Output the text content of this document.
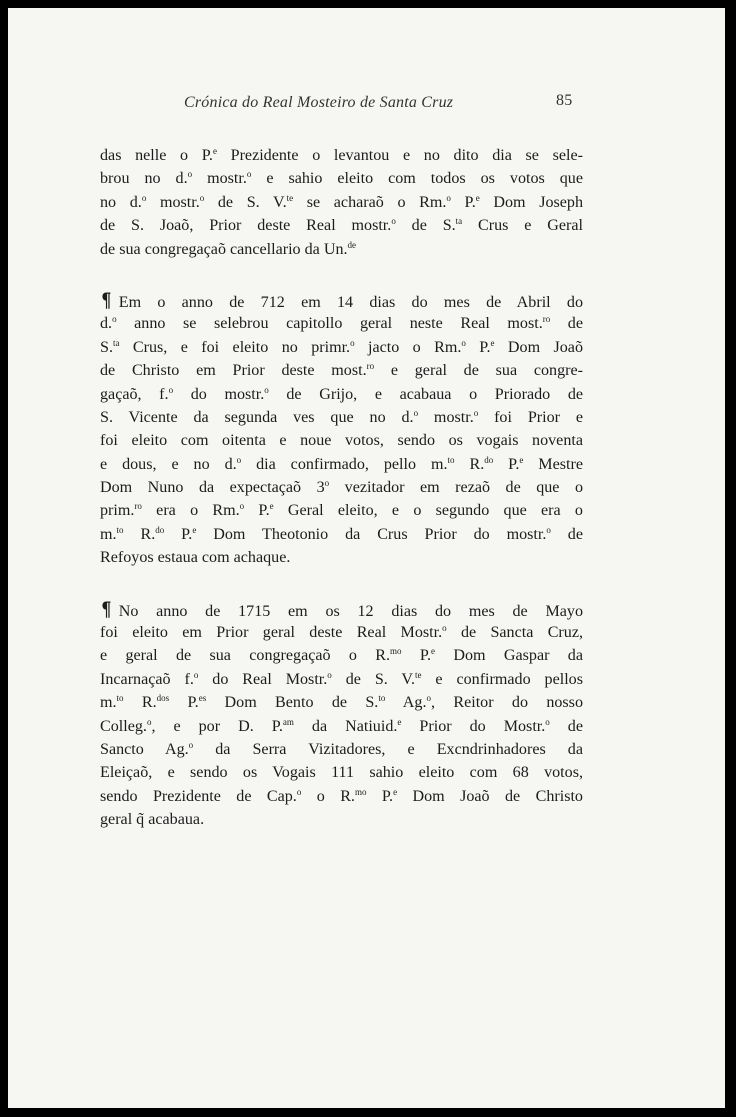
Crónica do Real Mosteiro de Santa Cruz	85
das nelle o P.$^e$ Prezidente o levantou e no dito dia se sele-
brou no d.$^o$ mostr.$^o$ e sahio eleito com todos os votos que
no d.$^o$ mostr.$^o$ de S. V.$^{te}$ se acharaõ o Rm.$^o$ P.$^e$ Dom Joseph
de S. Joaõ, Prior deste Real mostr.$^o$ de S.$^{ta}$ Crus e Geral
de sua congregaçaõ cancellario da Un.$^{de}$
¶ Em o anno de 712 em 14 dias do mes de Abril do
d.$^o$ anno se selebrou capitollo geral neste Real most.$^{ro}$ de
S.$^{ta}$ Crus, e foi eleito no primr.$^o$ jacto o Rm.$^o$ P.$^e$ Dom Joaõ
de Christo em Prior deste most.$^{ro}$ e geral de sua congre-
gaçaõ, f.$^o$ do mostr.$^o$ de Grijo, e acabaua o Priorado de
S. Vicente da segunda ves que no d.$^o$ mostr.$^o$ foi Prior e
foi eleito com oitenta e noue votos, sendo os vogais noventa
e dous, e no d.$^o$ dia confirmado, pello m.$^{to}$ R.$^{do}$ P.$^e$ Mestre
Dom Nuno da expectaçaõ 3$^o$ vezitador em rezaõ de que o
prim.$^{ro}$ era o Rm.$^o$ P.$^e$ Geral eleito, e o segundo que era o
m.$^{to}$ R.$^{do}$ P.$^e$ Dom Theotonio da Crus Prior do mostr.$^o$ de
Refoyos estaua com achaque.
¶ No anno de 1715 em os 12 dias do mes de Mayo
foi eleito em Prior geral deste Real Mostr.$^o$ de Sancta Cruz,
e geral de sua congregaçaõ o R.$^{mo}$ P.$^e$ Dom Gaspar da
Incarnaçaõ f.$^o$ do Real Mostr.$^o$ de S. V.$^{te}$ e confirmado pellos
m.$^{to}$ R.$^{dos}$ P.$^{es}$ Dom Bento de S.$^{to}$ Ag.$^o$, Reitor do nosso
Colleg.$^o$, e por D. P.$^{am}$ da Natiuid.$^e$ Prior do Mostr.$^o$ de
Sancto Ag.$^o$ da Serra Vizitadores, e Excndrinhadores da
Eleiçaõ, e sendo os Vogais 111 sahio eleito com 68 votos,
sendo Prezidente de Cap.$^o$ o R.$^{mo}$ P.$^e$ Dom Joaõ de Christo
geral q̃ acabaua.
